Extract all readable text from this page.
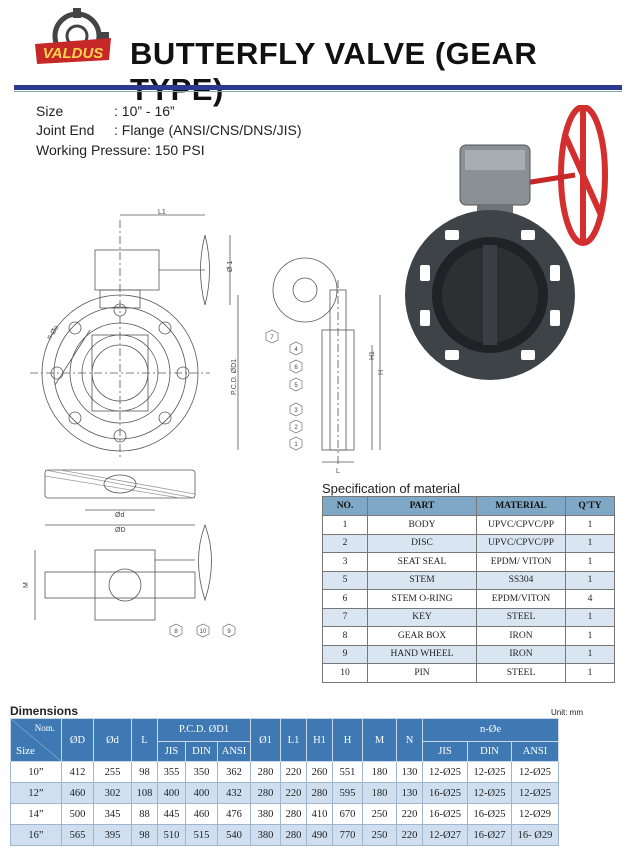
VALDUS BUTTERFLY VALVE (GEAR
Size	: 10” - 16”
Joint End : Flange (ANSI/CNS/DNS/JIS)
Working Pressure: 150 PSI
L1
Ø 1
P.C.D. ØD1
n-Øe
H
H1
L
Ød
ØD
M
7
4
6
5
3
2
1
8	10	9
Specification of material
NO.	PART	MATERIAL	Q'TY
1	BODY	UPVC/CPVC/PP	1
2	DISC	UPVC/CPVC/PP	1
3	SEAT SEAL	EPDM/ VITON	1
5	STEM	SS304	1
6	STEM O-RING	EPDM/VITON	4
7	KEY	STEEL	1
8	GEAR BOX	IRON	1
9	HAND WHEEL	IRON	1
10	PIN	STEEL	1
Dimensions	Unit: mm
Nom.
Size	ØD	Ød	L	P.C.D. ØD1			Ø1	L1	H1	H	M	N	n-Øe		
				JIS	DIN	ANSI							JIS	DIN	ANSI
10”	412	255	98	355	350	362	280	220	260	551	180	130	12-Ø25	12-Ø25	12-Ø25
12”	460	302	108	400	400	432	280	220	280	595	180	130	16-Ø25	12-Ø25	12-Ø25
14”	500	345	88	445	460	476	380	280	410	670	250	220	16-Ø25	16-Ø25	12-Ø29
16”	565	395	98	510	515	540	380	280	490	770	250	220	12-Ø27	16-Ø27	16- Ø29
